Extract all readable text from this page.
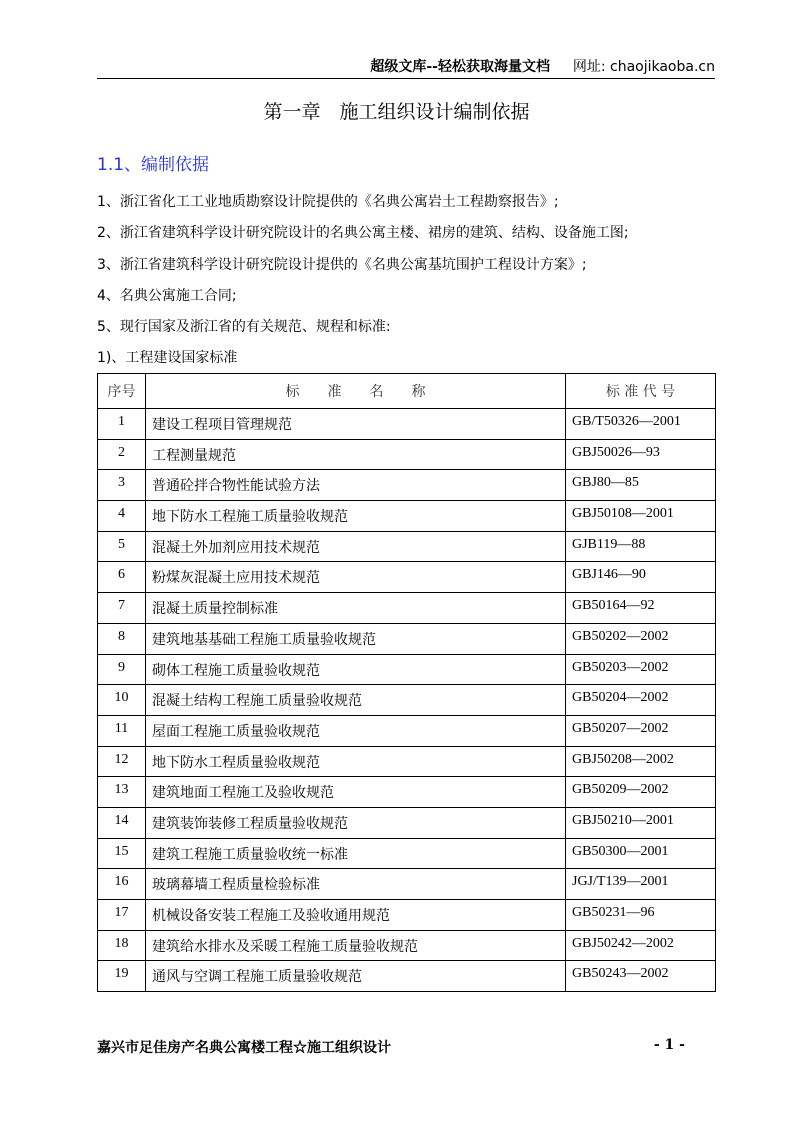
超级文库--轻松获取海量文档 网址: chaojikaoba.cn
第一章　施工组织设计编制依据
1.1、编制依据
1、浙江省化工工业地质勘察设计院提供的《名典公寓岩土工程勘察报告》;
2、浙江省建筑科学设计研究院设计的名典公寓主楼、裙房的建筑、结构、设备施工图;
3、浙江省建筑科学设计研究院设计提供的《名典公寓基坑围护工程设计方案》;
4、名典公寓施工合同;
5、现行国家及浙江省的有关规范、规程和标准:
1)、工程建设国家标准
序号	标　　准　　名　　称	标 准 代 号
1	建设工程项目管理规范	GB/T50326—2001
2	工程测量规范	GBJ50026—93
3	普通砼拌合物性能试验方法	GBJ80—85
4	地下防水工程施工质量验收规范	GBJ50108—2001
5	混凝土外加剂应用技术规范	GJB119—88
6	粉煤灰混凝土应用技术规范	GBJ146—90
7	混凝土质量控制标准	GB50164—92
8	建筑地基基础工程施工质量验收规范	GB50202—2002
9	砌体工程施工质量验收规范	GB50203—2002
10	混凝土结构工程施工质量验收规范	GB50204—2002
11	屋面工程施工质量验收规范	GB50207—2002
12	地下防水工程质量验收规范	GBJ50208—2002
13	建筑地面工程施工及验收规范	GB50209—2002
14	建筑装饰装修工程质量验收规范	GBJ50210—2001
15	建筑工程施工质量验收统一标准	GB50300—2001
16	玻璃幕墙工程质量检验标准	JGJ/T139—2001
17	机械设备安装工程施工及验收通用规范	GB50231—96
18	建筑给水排水及采暖工程施工质量验收规范	GBJ50242—2002
19	通风与空调工程施工质量验收规范	GB50243—2002
嘉兴市足佳房产名典公寓楼工程☆施工组织设计	- 1 -
